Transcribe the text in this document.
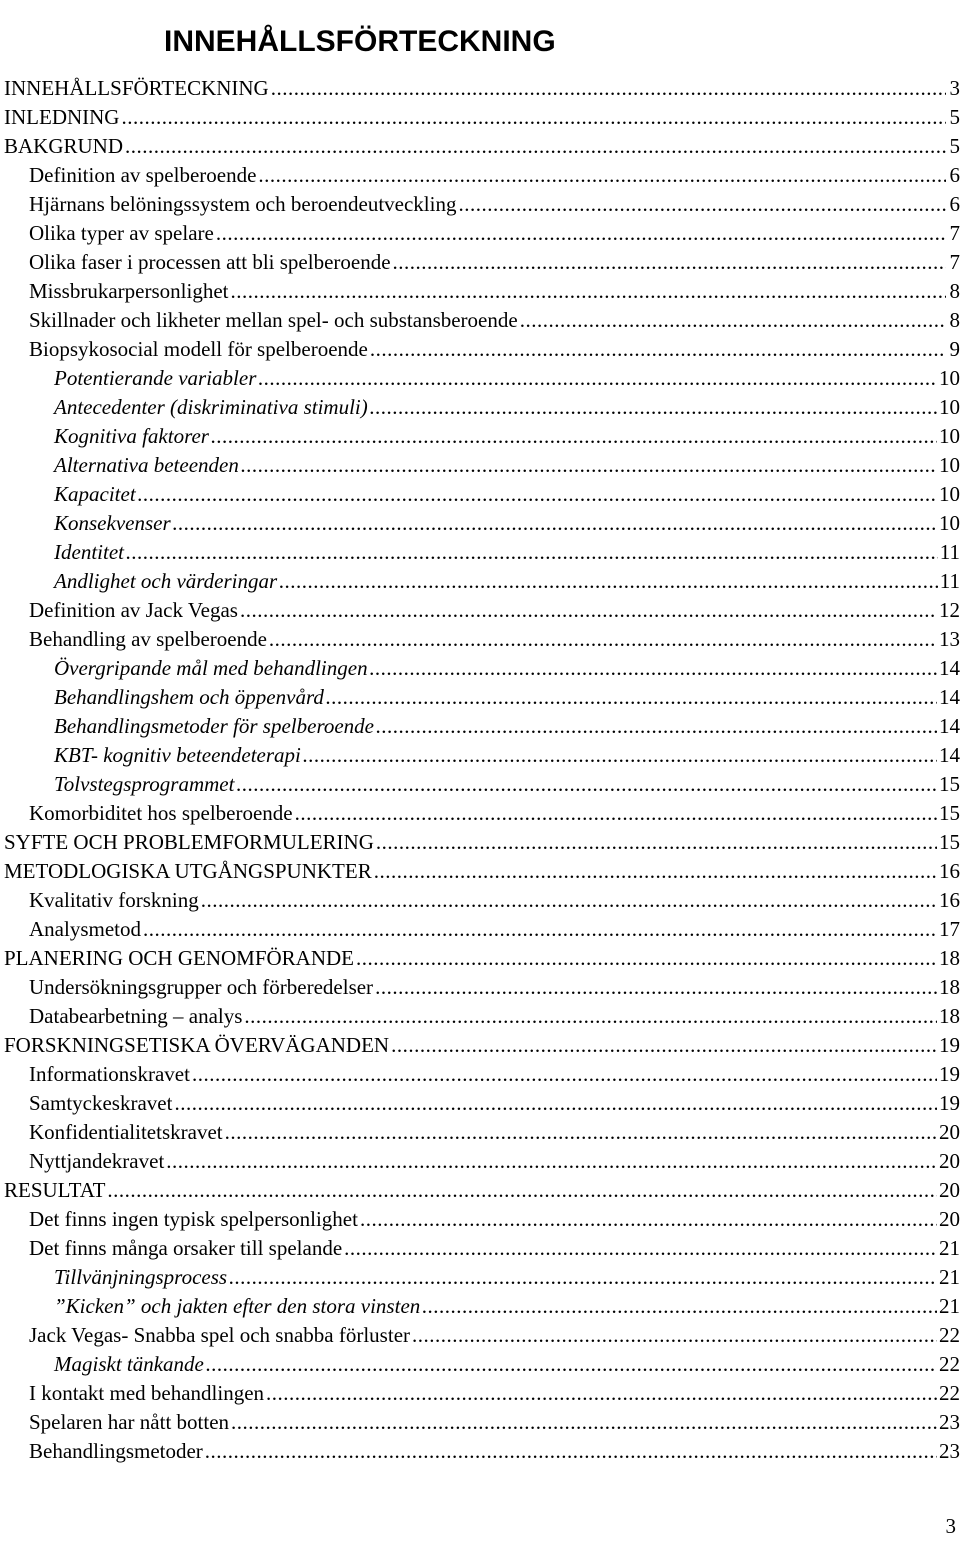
INNEHÅLLSFÖRTECKNING
INNEHÅLLSFÖRTECKNING .....	3
INLEDNING .....	5
BAKGRUND .....	5
Definition av spelberoende .....	6
Hjärnans belöningssystem och beroendeutveckling .....	6
Olika typer av spelare .....	7
Olika faser i processen att bli spelberoende .....	7
Missbrukarpersonlighet .....	8
Skillnader och likheter mellan spel- och substansberoende .....	8
Biopsykosocial modell för spelberoende .....	9
Potentierande variabler .....	10
Antecedenter (diskriminativa stimuli) .....	10
Kognitiva faktorer .....	10
Alternativa beteenden .....	10
Kapacitet .....	10
Konsekvenser .....	10
Identitet .....	11
Andlighet och värderingar .....	11
Definition av Jack Vegas .....	12
Behandling av spelberoende .....	13
Övergripande mål med behandlingen .....	14
Behandlingshem och öppenvård .....	14
Behandlingsmetoder för spelberoende .....	14
KBT- kognitiv beteendeterapi .....	14
Tolvstegsprogrammet .....	15
Komorbiditet hos spelberoende .....	15
SYFTE OCH PROBLEMFORMULERING .....	15
METODLOGISKA UTGÅNGSPUNKTER .....	16
Kvalitativ forskning .....	16
Analysmetod .....	17
PLANERING OCH GENOMFÖRANDE .....	18
Undersökningsgrupper och förberedelser .....	18
Databearbetning – analys .....	18
FORSKNINGSETISKA ÖVERVÄGANDEN .....	19
Informationskravet .....	19
Samtyckeskravet .....	19
Konfidentialitetskravet .....	20
Nyttjandekravet .....	20
RESULTAT .....	20
Det finns ingen typisk spelpersonlighet .....	20
Det finns många orsaker till spelande .....	21
Tillvänjningsprocess .....	21
”Kicken” och jakten efter den stora vinsten .....	21
Jack Vegas- Snabba spel och snabba förluster .....	22
Magiskt tänkande .....	22
I kontakt med behandlingen .....	22
Spelaren har nått botten .....	23
Behandlingsmetoder .....	23
3
